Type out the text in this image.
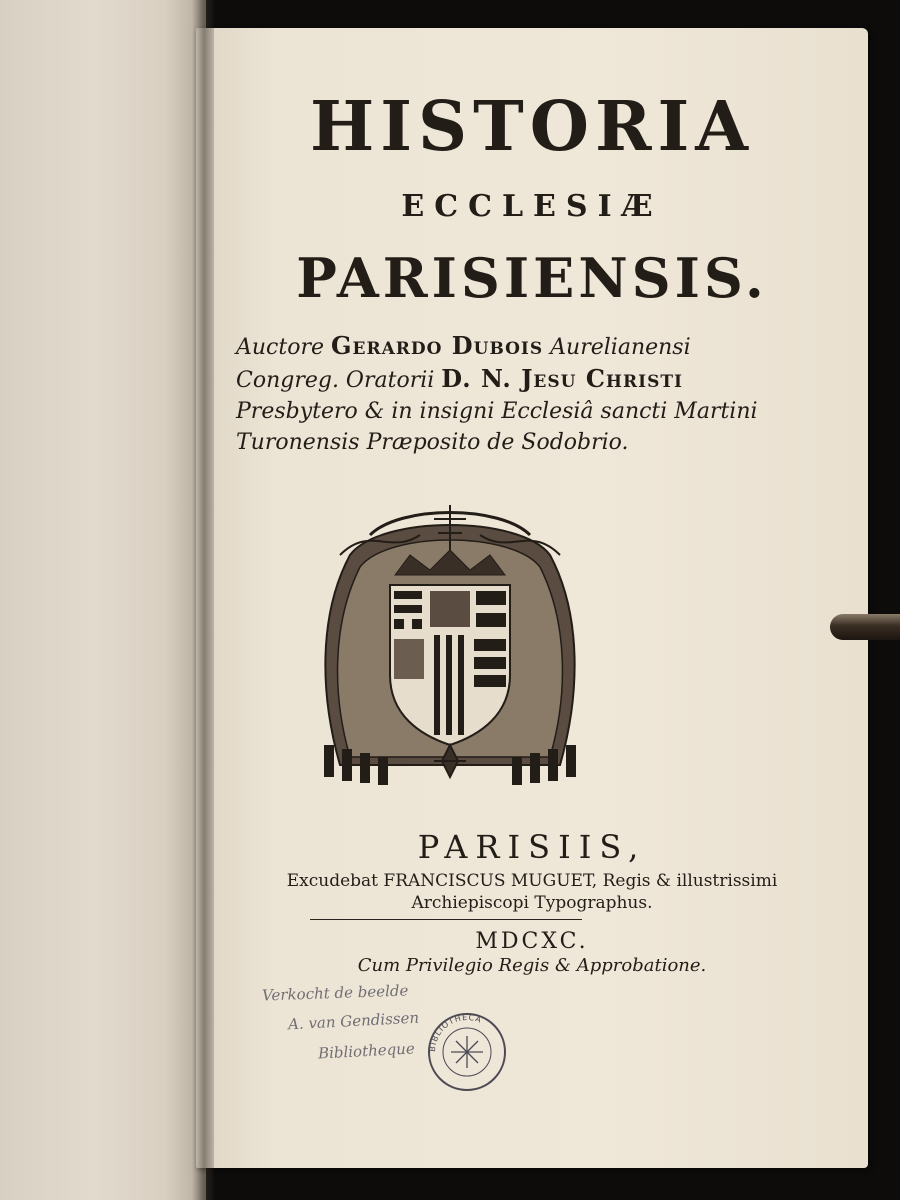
HISTORIA
ECCLESIÆ
PARISIENSIS.
Auctore Gerardo Dubois Aurelianensi
Congreg. Oratorii D. N. Jesu Christi
Presbytero & in insigni Ecclesiâ sancti Martini
Turonensis Præposito de Sodobrio.
PARISIIS,
Excudebat FRANCISCUS MUGUET, Regis & illustrissimi
Archiepiscopi Typographus.
MDCXC.
Cum Privilegio Regis & Approbatione.
Verkocht de beelde
A. van Gendissen
Bibliotheque BIBLIOTHECA
